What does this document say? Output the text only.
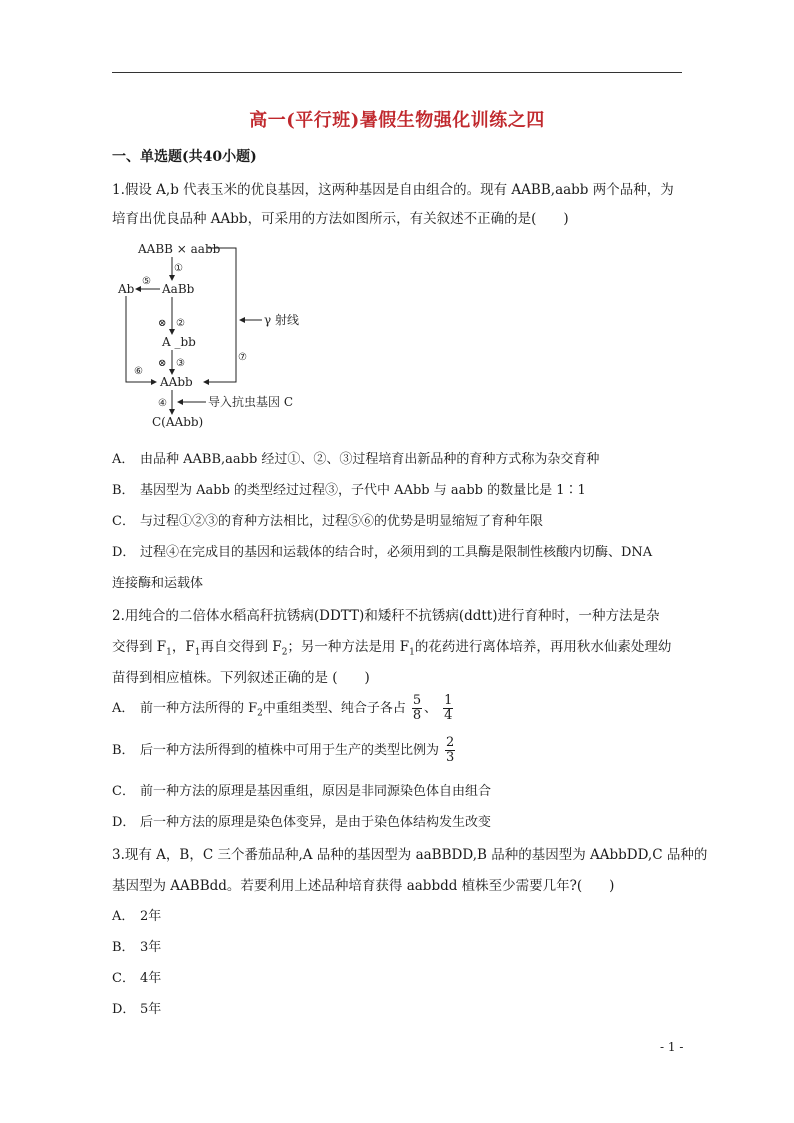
高一(平行班)暑假生物强化训练之四
一、单选题(共40小题)
1.假设 A,b 代表玉米的优良基因，这两种基因是自由组合的。现有 AABB,aabb 两个品种，为
培育出优良品种 AAbb，可采用的方法如图所示，有关叙述不正确的是(　　)
AABB × aabb
①
AaBb
Ab
⑤
⊗ ②
A _bb
⊗ ③
γ 射线
⑦
⑥
AAbb
④	导入抗虫基因 C
C(AAbb)
A． 由品种 AABB,aabb 经过①、②、③过程培育出新品种的育种方式称为杂交育种
B． 基因型为 Aabb 的类型经过过程③，子代中 AAbb 与 aabb 的数量比是 1∶1
C． 与过程①②③的育种方法相比，过程⑤⑥的优势是明显缩短了育种年限
D． 过程④在完成目的基因和运载体的结合时，必须用到的工具酶是限制性核酸内切酶、DNA
连接酶和运载体
2.用纯合的二倍体水稻高秆抗锈病(DDTT)和矮秆不抗锈病(ddtt)进行育种时，一种方法是杂
交得到 $F_1$，$F_1$再自交得到 $F_2$；另一种方法是用 $F_1$的花药进行离体培养，再用秋水仙素处理幼
苗得到相应植株。下列叙述正确的是 (　　)
A． 前一种方法所得的 $F_2$中重组类型、纯合子各占 $\frac{5}{8}$ 、 $\frac{1}{4}$
B． 后一种方法所得到的植株中可用于生产的类型比例为 $\frac{2}{3}$
C． 前一种方法的原理是基因重组，原因是非同源染色体自由组合
D． 后一种方法的原理是染色体变异，是由于染色体结构发生改变
3.现有 A，B，C 三个番茄品种,A 品种的基因型为 aaBBDD,B 品种的基因型为 AAbbDD,C 品种的
基因型为 AABBdd。若要利用上述品种培育获得 aabbdd 植株至少需要几年?(　　)
A． 2年
B． 3年
C． 4年
D． 5年
- 1 -
